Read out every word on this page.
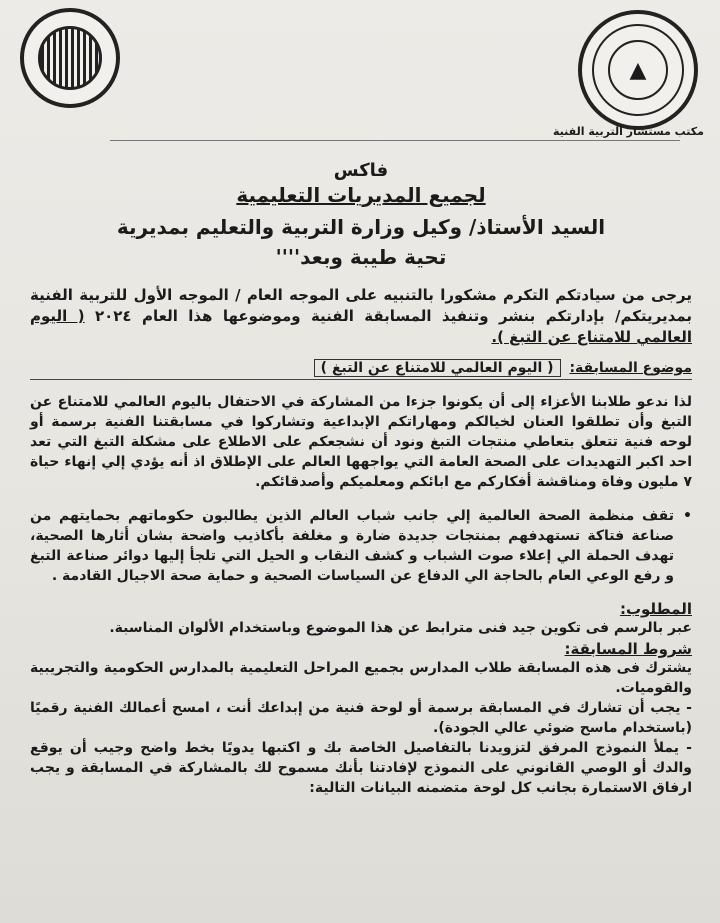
▲
مكتب مستشار التربية الفنية

فاكس

لجميع المديريات التعليمية

السيد الأستاذ/ وكيل وزارة التربية والتعليم بمديرية

تحية طيبة وبعد''''

يرجى من سيادتكم التكرم مشكورا بالتنبيه على الموجه العام / الموجه الأول للتربية الفنية بمديريتكم/ بإدارتكم بنشر وتنفيذ المسابقة الفنية وموضوعها هذا العام ٢٠٢٤ ( اليوم العالمي للامتناع عن التبغ ).

موضوع المسابقة: ( اليوم العالمي للامتناع عن التبغ )

لذا ندعو طلابنا الأعزاء إلى أن يكونوا جزءا من المشاركة في الاحتفال باليوم العالمي للامتناع عن التبغ وأن تطلقوا العنان لخيالكم ومهاراتكم الإبداعية وتشاركوا في مسابقتنا الفنية برسمة أو لوحه فنية تتعلق بتعاطي منتجات التبغ ونود أن نشجعكم على الاطلاع على مشكلة التبغ التي تعد احد اكبر التهديدات على الصحة العامة التي يواجهها العالم على الإطلاق اذ أنه يؤدي إلي إنهاء حياة ٧ مليون وفاة ومناقشة أفكاركم مع ابائكم ومعلميكم وأصدقائكم.

• تقف منظمة الصحة العالمية إلي جانب شباب العالم الذين يطالبون حكوماتهم بحمايتهم من صناعة فتاكة تستهدفهم بمنتجات جديدة ضارة و مغلفة بأكاذيب واضحة بشان أثارها الصحية، تهدف الحملة الي إعلاء صوت الشباب و كشف النقاب و الحيل التي تلجأ إليها دوائر صناعة التبغ و رفع الوعي العام بالحاجة الي الدفاع عن السياسات الصحية و حماية صحة الاجيال القادمة .

المطلوب:

عبر بالرسم فى تكوين جيد فنى مترابط عن هذا الموضوع وباستخدام الألوان المناسبة.

شروط المسابقة:

يشترك فى هذه المسابقة طلاب المدارس بجميع المراحل التعليمية بالمدارس الحكومية والتجريبية والقوميات.

- يجب أن تشارك في المسابقة برسمة أو لوحة فنية من إبداعك أنت ، امسح أعمالك الفنية رقميًا (باستخدام ماسح ضوئي عالي الجودة).

- يملأ النموذج المرفق لتزويدنا بالتفاصيل الخاصة بك و اكتبها يدويًا بخط واضح وجيب أن يوقع والدك أو الوصي القانوني على النموذج لإفادتنا بأنك مسموح لك بالمشاركة في المسابقة و يجب ارفاق الاستمارة بجانب كل لوحة متضمنه البيانات التالية:
